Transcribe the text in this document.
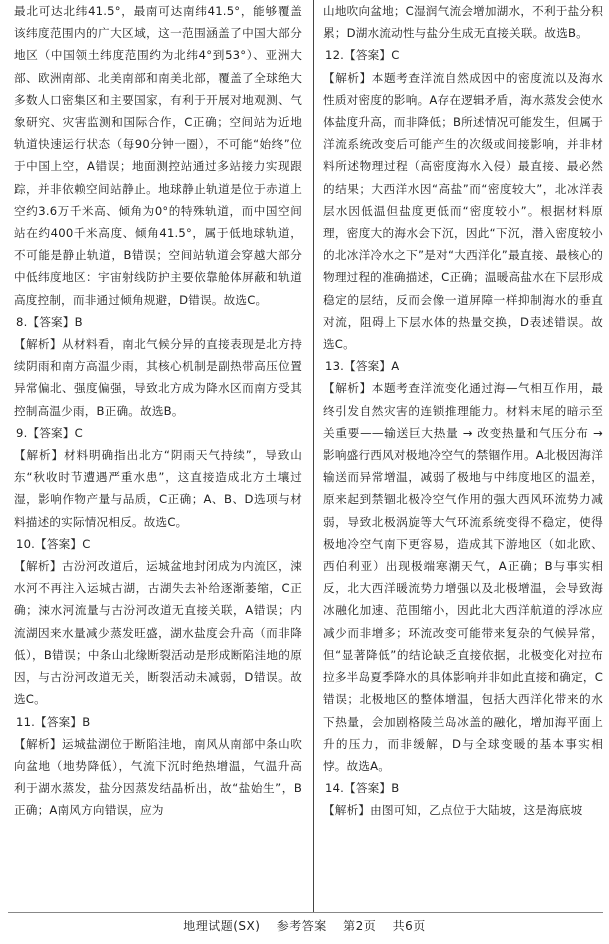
最北可达北纬41.5°，最南可达南纬41.5°，能够覆盖该纬度范围内的广大区域，这一范围涵盖了中国大部分地区（中国领土纬度范围约为北纬4°到53°）、亚洲大部、欧洲南部、北美南部和南美北部，覆盖了全球绝大多数人口密集区和主要国家，有利于开展对地观测、气象研究、灾害监测和国际合作，C正确；空间站为近地轨道快速运行状态（每90分钟一圈），不可能“始终”位于中国上空，A错误；地面测控站通过多站接力实现跟踪，并非依赖空间站静止。地球静止轨道是位于赤道上空约3.6万千米高、倾角为0°的特殊轨道，而中国空间站在约400千米高度、倾角41.5°，属于低地球轨道，不可能是静止轨道，B错误；空间站轨道会穿越大部分中低纬度地区：宇宙射线防护主要依靠舱体屏蔽和轨道高度控制，而非通过倾角规避，D错误。故选C。
8.【答案】B
【解析】从材料看，南北气候分异的直接表现是北方持续阴雨和南方高温少雨，其核心机制是副热带高压位置异常偏北、强度偏强，导致北方成为降水区而南方受其控制高温少雨，B正确。故选B。
9.【答案】C
【解析】材料明确指出北方“阴雨天气持续”，导致山东“秋收时节遭遇严重水患”，这直接造成北方土壤过湿，影响作物产量与品质，C正确；A、B、D选项与材料描述的实际情况相反。故选C。
10.【答案】C
【解析】古汾河改道后，运城盆地封闭成为内流区，涑水河不再注入运城古湖，古湖失去补给逐渐萎缩，C正确；涑水河流量与古汾河改道无直接关联，A错误；内流湖因来水量减少蒸发旺盛，湖水盐度会升高（而非降低），B错误；中条山北缘断裂活动是形成断陷洼地的原因，与古汾河改道无关，断裂活动未减弱，D错误。故选C。
11.【答案】B
【解析】运城盐湖位于断陷洼地，南风从南部中条山吹向盆地（地势降低），气流下沉时绝热增温，气温升高利于湖水蒸发，盐分因蒸发结晶析出，故“盐始生”，B正确；A南风方向错误，应为
山地吹向盆地；C湿润气流会增加湖水，不利于盐分积累；D湖水流动性与盐分生成无直接关联。故选B。
12.【答案】C
【解析】本题考查洋流自然成因中的密度流以及海水性质对密度的影响。A存在逻辑矛盾，海水蒸发会使水体盐度升高，而非降低；B所述情况可能发生，但属于洋流系统改变后可能产生的次级或间接影响，并非材料所述物理过程（高密度海水入侵）最直接、最必然的结果；大西洋水因“高盐”而“密度较大”，北冰洋表层水因低温但盐度更低而“密度较小”。根据材料原理，密度大的海水会下沉，因此“下沉，潜入密度较小的北冰洋冷水之下”是对“大西洋化”最直接、最核心的物理过程的准确描述，C正确；温暖高盐水在下层形成稳定的层结，反而会像一道屏障一样抑制海水的垂直对流，阻碍上下层水体的热量交换，D表述错误。故选C。
13.【答案】A
【解析】本题考查洋流变化通过海—气相互作用，最终引发自然灾害的连锁推理能力。材料末尾的暗示至关重要——输送巨大热量 → 改变热量和气压分布 → 影响盛行西风对极地冷空气的禁锢作用。A北极因海洋输送而异常增温，减弱了极地与中纬度地区的温差，原来起到禁锢北极冷空气作用的强大西风环流势力减弱，导致北极涡旋等大气环流系统变得不稳定，使得极地冷空气南下更容易，造成其下游地区（如北欧、西伯利亚）出现极端寒潮天气，A正确；B与事实相反，北大西洋暖流势力增强以及北极增温，会导致海冰融化加速、范围缩小，因此北大西洋航道的浮冰应减少而非增多；环流改变可能带来复杂的气候异常，但“显著降低”的结论缺乏直接依据，北极变化对拉布拉多半岛夏季降水的具体影响并非如此直接和确定，C错误；北极地区的整体增温，包括大西洋化带来的水下热量，会加剧格陵兰岛冰盖的融化，增加海平面上升的压力，而非缓解，D与全球变暖的基本事实相悖。故选A。
14.【答案】B
【解析】由图可知，乙点位于大陆坡，这是海底坡
地理试题(SX) 参考答案 第2页 共6页
